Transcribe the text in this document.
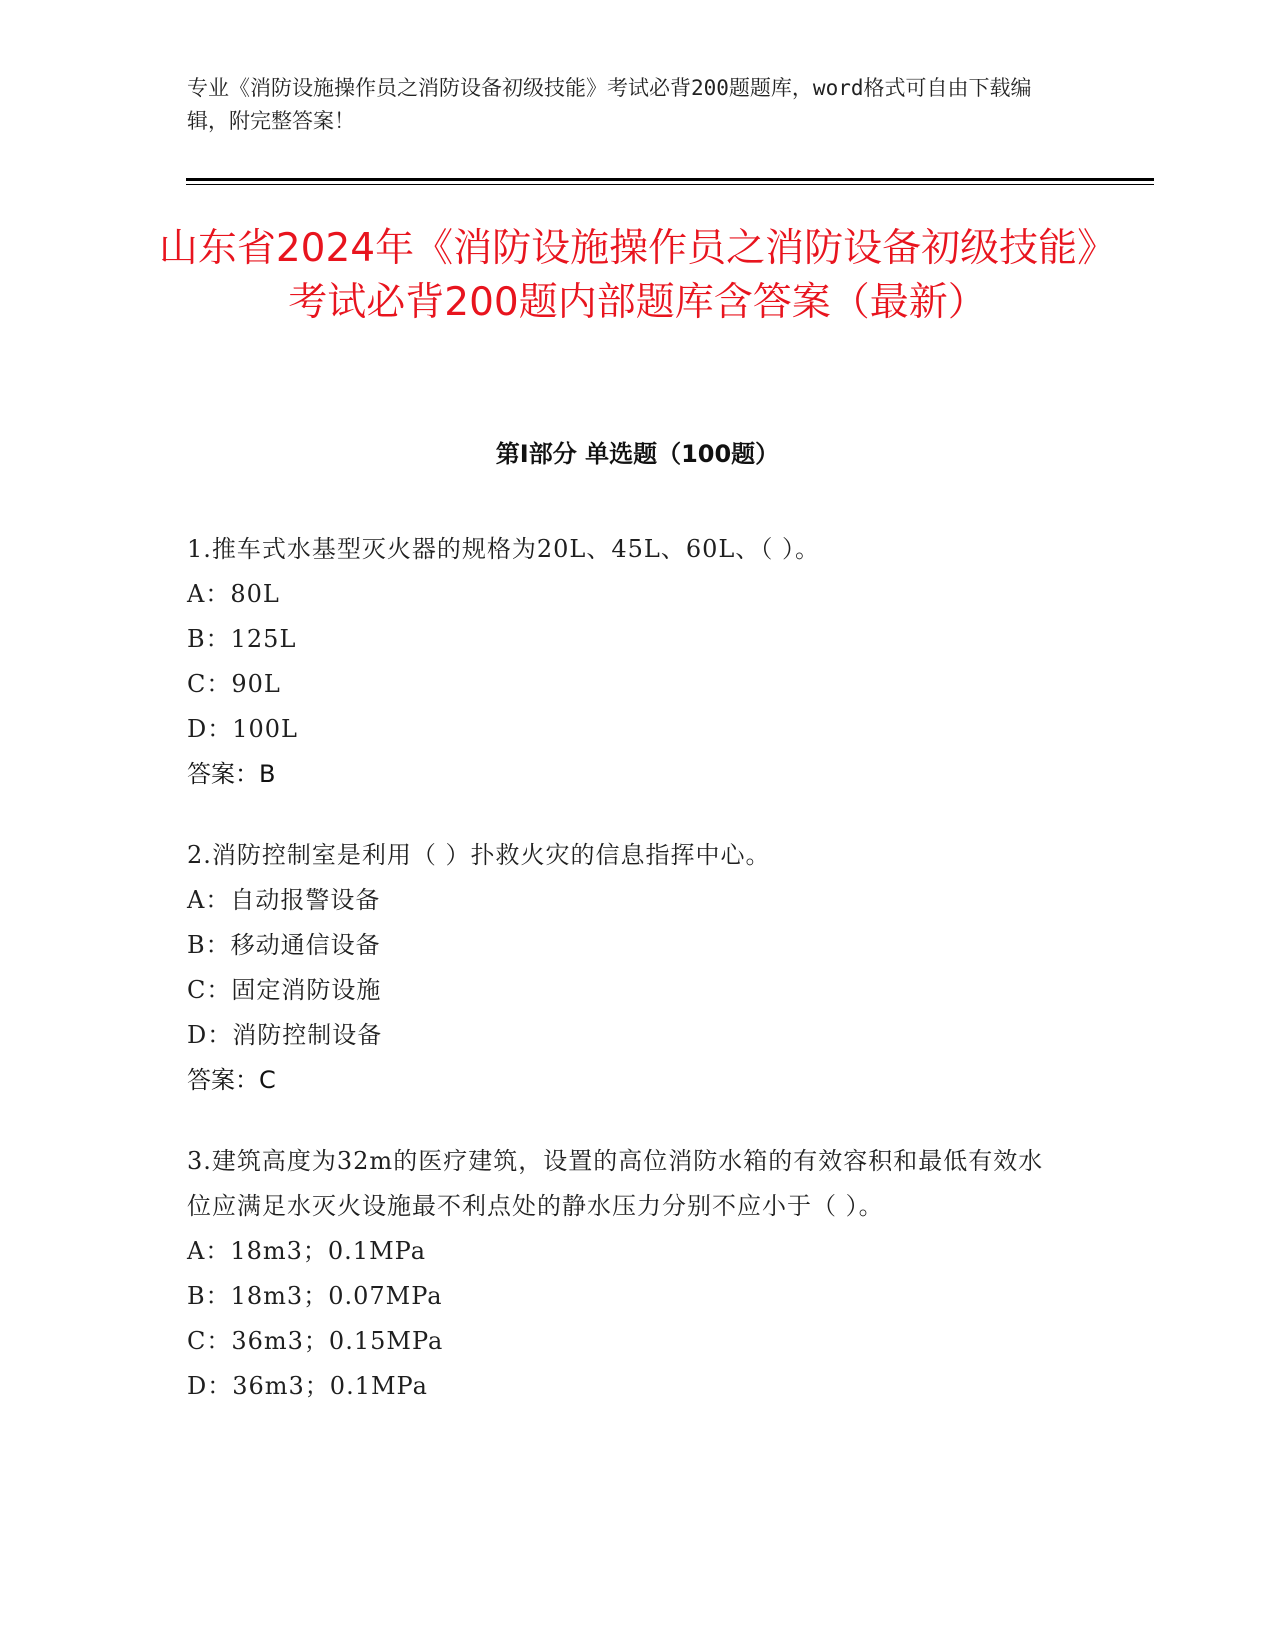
专业《消防设施操作员之消防设备初级技能》考试必背200题题库，word格式可自由下载编辑，附完整答案！
山东省2024年《消防设施操作员之消防设备初级技能》考试必背200题内部题库含答案（最新）
第Ⅰ部分 单选题（100题）
1.推车式水基型灭火器的规格为20L、45L、60L、（ ）。
A：80L
B：125L
C：90L
D：100L
答案：B
2.消防控制室是利用（ ）扑救火灾的信息指挥中心。
A：自动报警设备
B：移动通信设备
C：固定消防设施
D：消防控制设备
答案：C
3.建筑高度为32m的医疗建筑，设置的高位消防水箱的有效容积和最低有效水位应满足水灭火设施最不利点处的静水压力分别不应小于（ ）。
A：18m3；0.1MPa
B：18m3；0.07MPa
C：36m3；0.15MPa
D：36m3；0.1MPa
